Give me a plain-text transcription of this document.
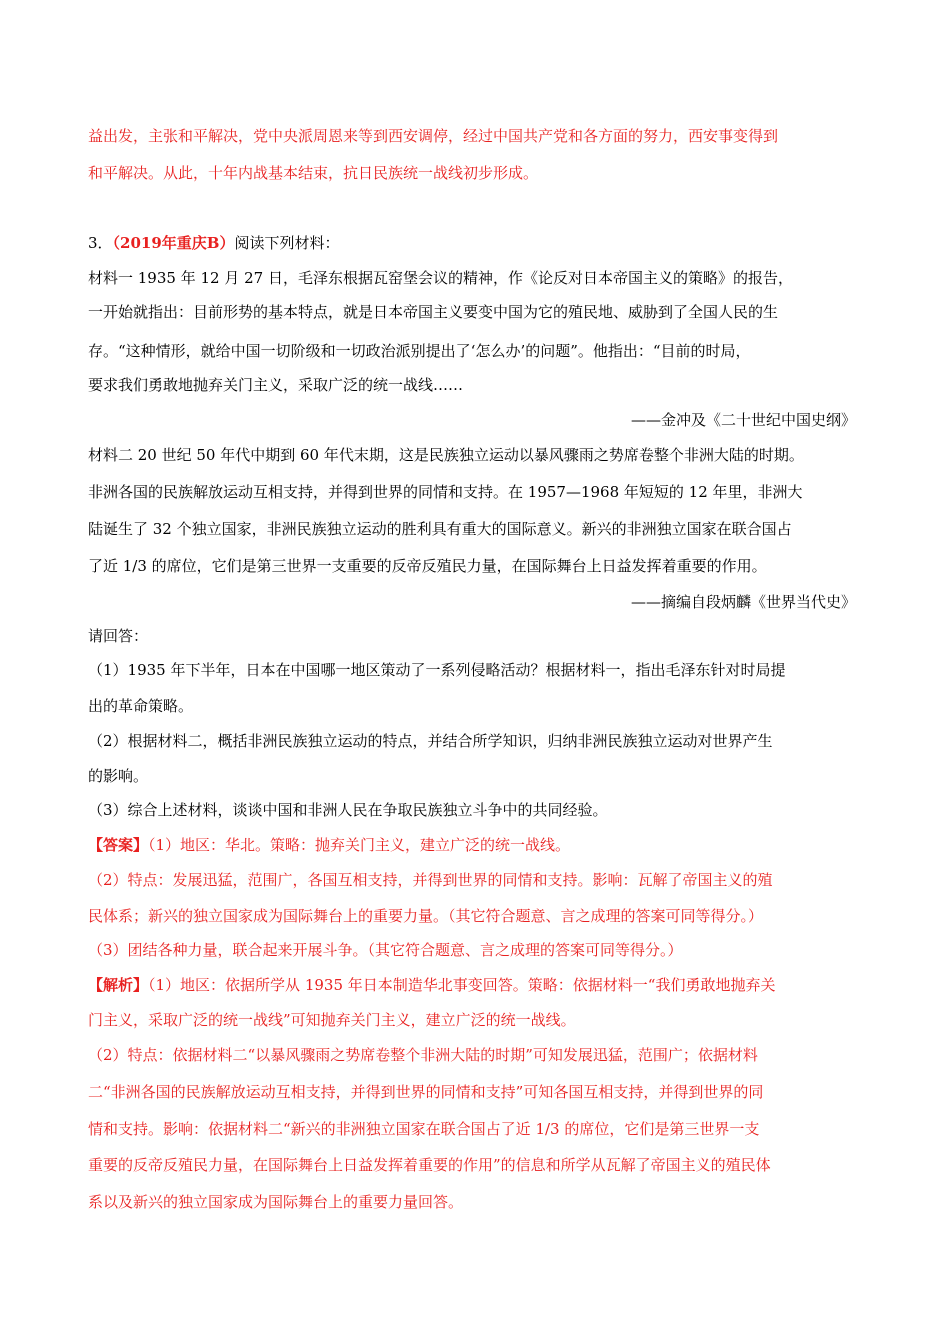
益出发，主张和平解决，党中央派周恩来等到西安调停，经过中国共产党和各方面的努力，西安事变得到
和平解决。从此，十年内战基本结束，抗日民族统一战线初步形成。
3．（2019年重庆B）阅读下列材料：
材料一 1935 年 12 月 27 日，毛泽东根据瓦窑堡会议的精神，作《论反对日本帝国主义的策略》的报告，
一开始就指出：目前形势的基本特点，就是日本帝国主义要变中国为它的殖民地、威胁到了全国人民的生
存。“这种情形，就给中国一切阶级和一切政治派别提出了‘怎么办’的问题”。他指出：“目前的时局，
要求我们勇敢地抛弃关门主义，采取广泛的统一战线……
——金冲及《二十世纪中国史纲》
材料二 20 世纪 50 年代中期到 60 年代末期，这是民族独立运动以暴风骤雨之势席卷整个非洲大陆的时期。
非洲各国的民族解放运动互相支持，并得到世界的同情和支持。在 1957—1968 年短短的 12 年里，非洲大
陆诞生了 32 个独立国家，非洲民族独立运动的胜利具有重大的国际意义。新兴的非洲独立国家在联合国占
了近 1/3 的席位，它们是第三世界一支重要的反帝反殖民力量，在国际舞台上日益发挥着重要的作用。
——摘编自段炳麟《世界当代史》
请回答：
（1）1935 年下半年，日本在中国哪一地区策动了一系列侵略活动？根据材料一，指出毛泽东针对时局提
出的革命策略。
（2）根据材料二，概括非洲民族独立运动的特点，并结合所学知识，归纳非洲民族独立运动对世界产生
的影响。
（3）综合上述材料，谈谈中国和非洲人民在争取民族独立斗争中的共同经验。
【答案】（1）地区：华北。策略：抛弃关门主义，建立广泛的统一战线。
（2）特点：发展迅猛，范围广，各国互相支持，并得到世界的同情和支持。影响：瓦解了帝国主义的殖
民体系；新兴的独立国家成为国际舞台上的重要力量。（其它符合题意、言之成理的答案可同等得分。）
（3）团结各种力量，联合起来开展斗争。（其它符合题意、言之成理的答案可同等得分。）
【解析】（1）地区：依据所学从 1935 年日本制造华北事变回答。策略：依据材料一“我们勇敢地抛弃关
门主义，采取广泛的统一战线”可知抛弃关门主义，建立广泛的统一战线。
（2）特点：依据材料二“以暴风骤雨之势席卷整个非洲大陆的时期”可知发展迅猛，范围广；依据材料
二“非洲各国的民族解放运动互相支持，并得到世界的同情和支持”可知各国互相支持，并得到世界的同
情和支持。影响：依据材料二“新兴的非洲独立国家在联合国占了近 1/3 的席位，它们是第三世界一支
重要的反帝反殖民力量，在国际舞台上日益发挥着重要的作用”的信息和所学从瓦解了帝国主义的殖民体
系以及新兴的独立国家成为国际舞台上的重要力量回答。
